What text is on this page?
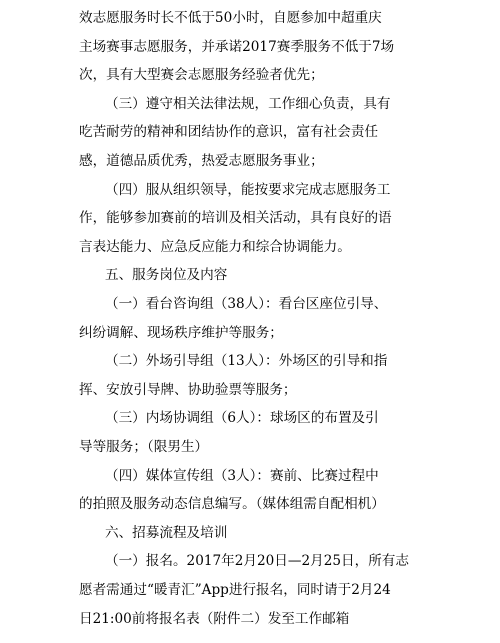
效志愿服务时长不低于50小时，自愿参加中超重庆
主场赛事志愿服务，并承诺2017赛季服务不低于7场
次，具有大型赛会志愿服务经验者优先；
（三）遵守相关法律法规，工作细心负责，具有
吃苦耐劳的精神和团结协作的意识，富有社会责任
感，道德品质优秀，热爱志愿服务事业；
（四）服从组织领导，能按要求完成志愿服务工
作，能够参加赛前的培训及相关活动，具有良好的语
言表达能力、应急反应能力和综合协调能力。
五、服务岗位及内容
（一）看台咨询组（38人）：看台区座位引导、
纠纷调解、现场秩序维护等服务；
（二）外场引导组（13人）：外场区的引导和指
挥、安放引导牌、协助验票等服务；
（三）内场协调组（6人）：球场区的布置及引
导等服务；（限男生）
（四）媒体宣传组（3人）：赛前、比赛过程中
的拍照及服务动态信息编写。（媒体组需自配相机）
六、招募流程及培训
（一）报名。2017年2月20日—2月25日，所有志
愿者需通过“暖青汇”App进行报名，同时请于2月24
日21:00前将报名表（附件二）发至工作邮箱
